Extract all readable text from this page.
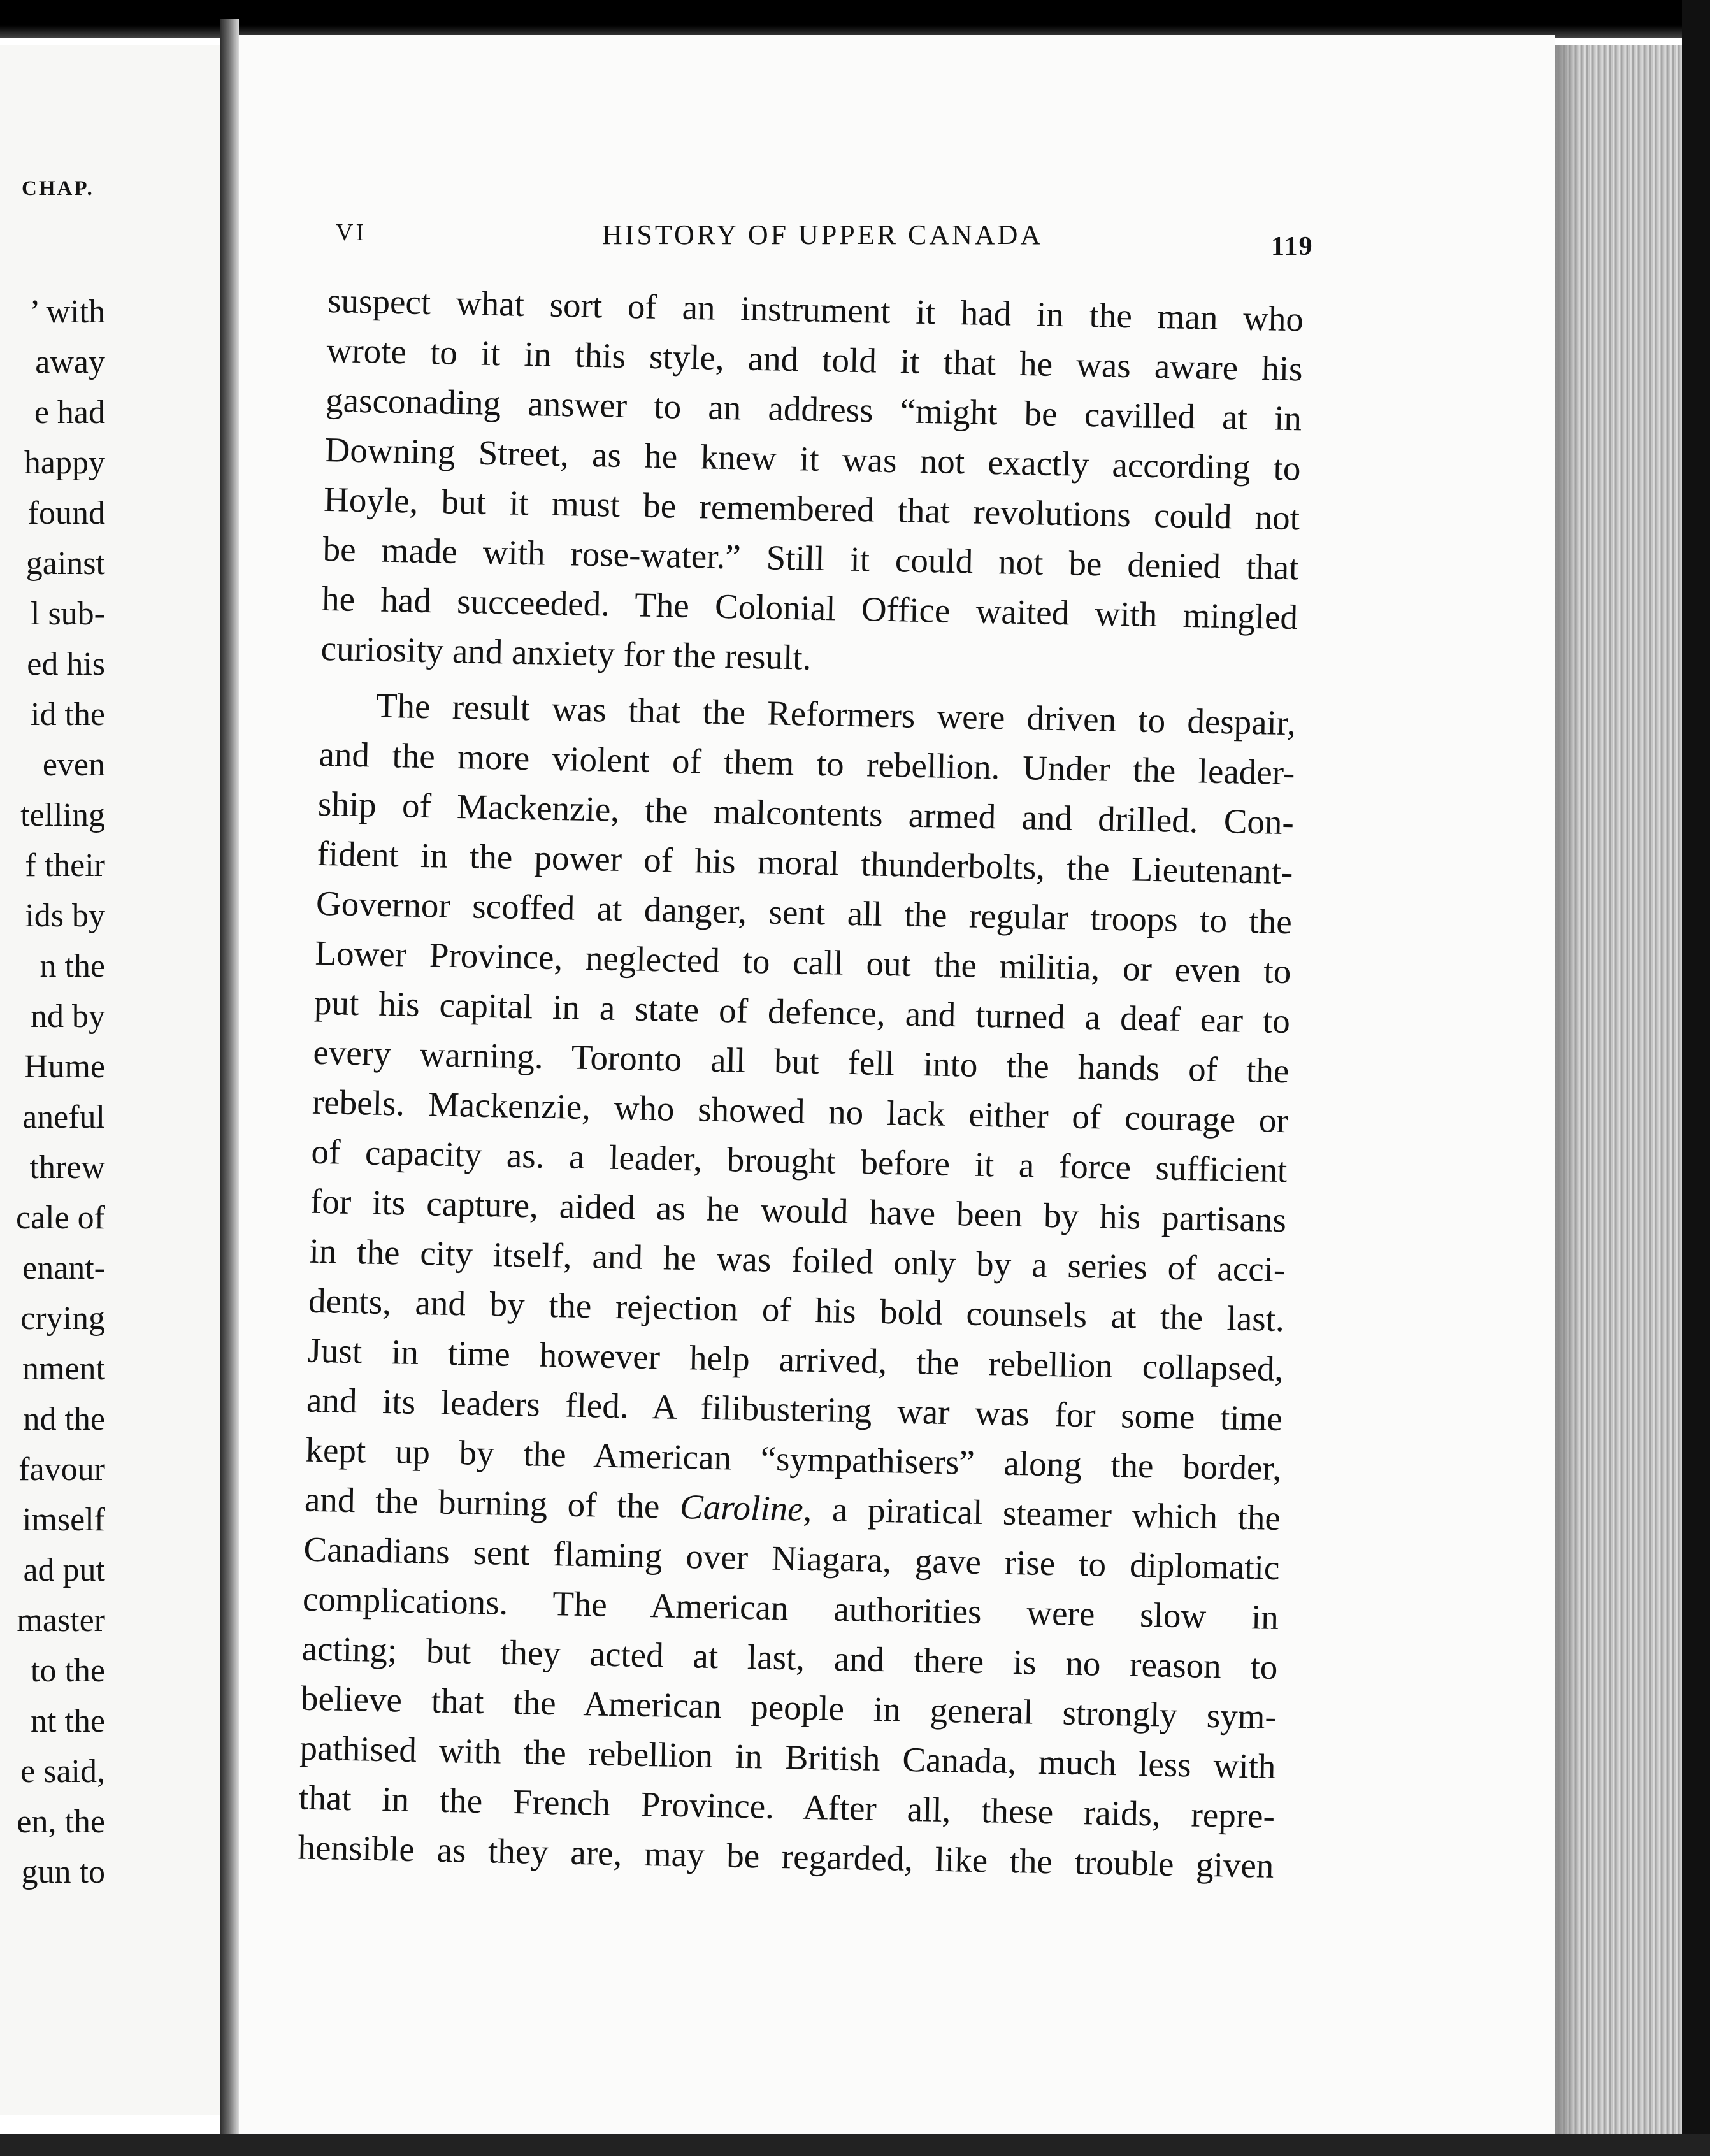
CHAP.
’ with
away
e had
happy
found
gainst
l sub-
ed his
id the
even
telling
f their
ids by
n the
nd by
Hume
aneful
threw
cale of
enant-
crying
nment
nd the
favour
imself
ad put
master
to the
nt the
e said,
en, the
gun to
VI	HISTORY OF UPPER CANADA	119
suspect what sort of an instrument it had in the man who
wrote to it in this style, and told it that he was aware his
gasconading answer to an address “might be cavilled at in
Downing Street, as he knew it was not exactly according to
Hoyle, but it must be remembered that revolutions could not
be made with rose-water.” Still it could not be denied that
he had succeeded. The Colonial Office waited with mingled
curiosity and anxiety for the result.
The result was that the Reformers were driven to despair,
and the more violent of them to rebellion. Under the leader-
ship of Mackenzie, the malcontents armed and drilled. Con-
fident in the power of his moral thunderbolts, the Lieutenant-
Governor scoffed at danger, sent all the regular troops to the
Lower Province, neglected to call out the militia, or even to
put his capital in a state of defence, and turned a deaf ear to
every warning. Toronto all but fell into the hands of the
rebels. Mackenzie, who showed no lack either of courage or
of capacity as. a leader, brought before it a force sufficient
for its capture, aided as he would have been by his partisans
in the city itself, and he was foiled only by a series of acci-
dents, and by the rejection of his bold counsels at the last.
Just in time however help arrived, the rebellion collapsed,
and its leaders fled. A filibustering war was for some time
kept up by the American “sympathisers” along the border,
and the burning of the Caroline, a piratical steamer which the
Canadians sent flaming over Niagara, gave rise to diplomatic
complications. The American authorities were slow in
acting; but they acted at last, and there is no reason to
believe that the American people in general strongly sym-
pathised with the rebellion in British Canada, much less with
that in the French Province. After all, these raids, repre-
hensible as they are, may be regarded, like the trouble given
